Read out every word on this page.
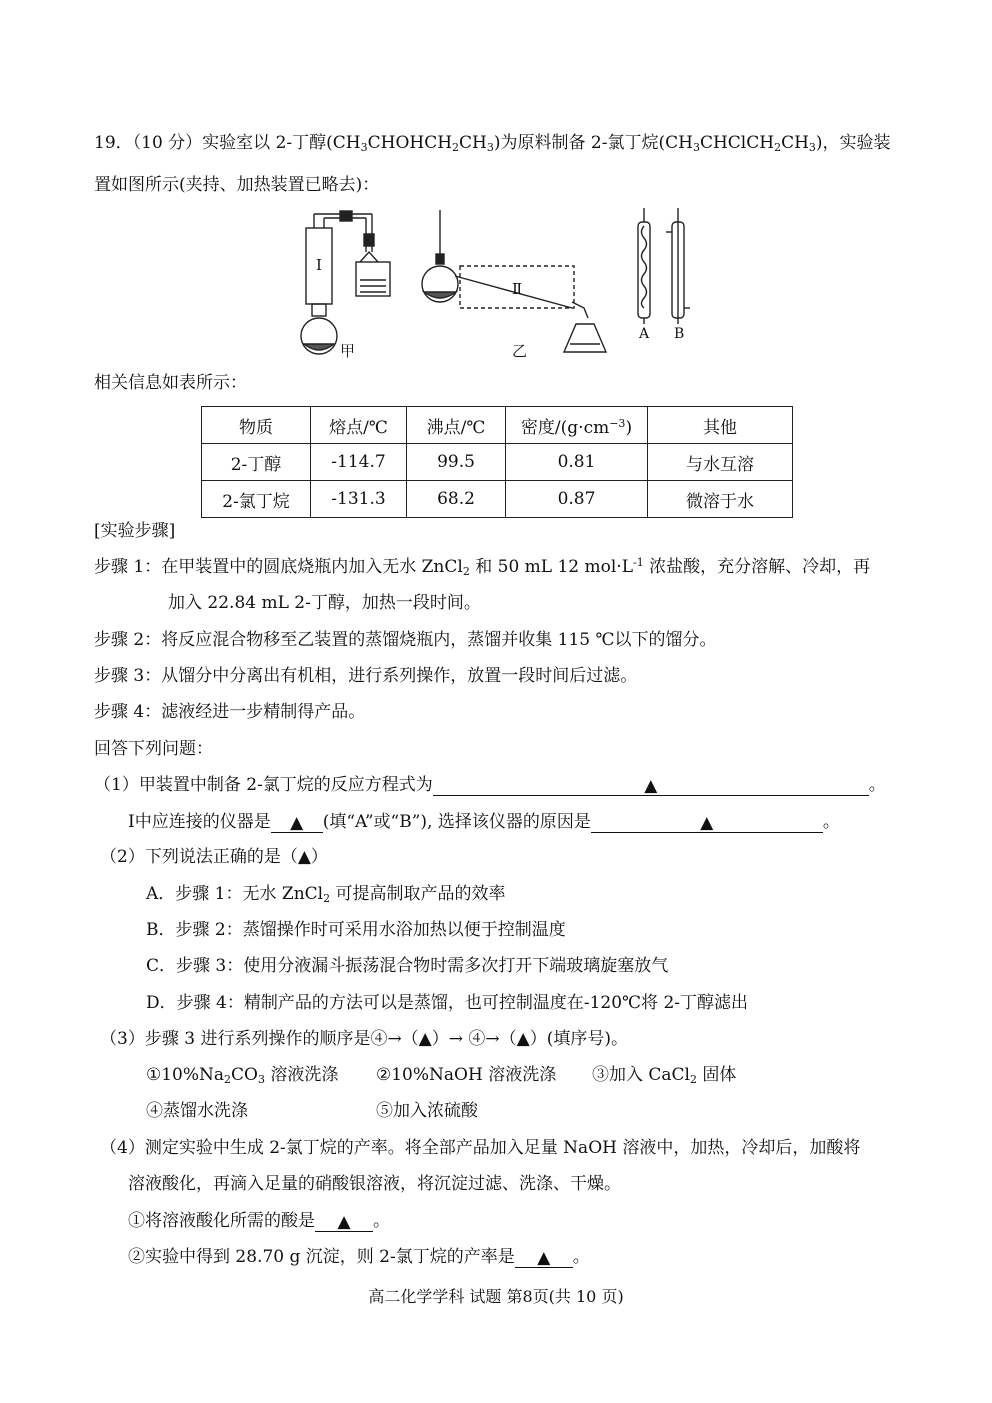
19．（10 分）实验室以 2-丁醇$(CH_3CHOHCH_2CH_3)$为原料制备 2-氯丁烷$(CH_3CHClCH_2CH_3)$，实验装
置如图所示(夹持、加热装置已略去)：
I
甲
Ⅱ
乙
A B
相关信息如表所示：
物质	熔点/℃	沸点/℃	密度$/(g\cdot cm^{-3})$	其他
2-丁醇	-114.7	99.5	0.81	与水互溶
2-氯丁烷	-131.3	68.2	0.87	微溶于水
[实验步骤]
步骤 1：在甲装置中的圆底烧瓶内加入无水 ZnCl$_2$ 和 50 mL 12 $mol\cdot L^{-1}$ 浓盐酸，充分溶解、冷却，再
加入 22.84 mL 2-丁醇，加热一段时间。
步骤 2：将反应混合物移至乙装置的蒸馏烧瓶内，蒸馏并收集 115 ℃以下的馏分。
步骤 3：从馏分中分离出有机相，进行系列操作，放置一段时间后过滤。
步骤 4：滤液经进一步精制得产品。
回答下列问题：
（1）甲装置中制备 2-氯丁烷的反应方程式为	▲	。
I中应连接的仪器是 ▲ (填“A”或“B”), 选择该仪器的原因是	▲	。
（2）下列说法正确的是（▲）
A．步骤 1：无水 ZnCl$_2$ 可提高制取产品的效率
B．步骤 2：蒸馏操作时可采用水浴加热以便于控制温度
C．步骤 3：使用分液漏斗振荡混合物时需多次打开下端玻璃旋塞放气
D．步骤 4：精制产品的方法可以是蒸馏，也可控制温度在-120℃将 2-丁醇滤出
（3）步骤 3 进行系列操作的顺序是④→（▲）→ ④→（▲）(填序号)。
$①10\%Na_2CO_3$ 溶液洗涤 ②10%NaOH 溶液洗涤 ③加入 CaCl$_2$ 固体
④蒸馏水洗涤	⑤加入浓硫酸
（4）测定实验中生成 2-氯丁烷的产率。将全部产品加入足量 NaOH 溶液中，加热，冷却后，加酸将
溶液酸化，再滴入足量的硝酸银溶液，将沉淀过滤、洗涤、干燥。
①将溶液酸化所需的酸是 ▲ 。
②实验中得到 28.70 g 沉淀，则 2-氯丁烷的产率是 ▲ 。
高二化学学科 试题 第8页(共 10 页)
